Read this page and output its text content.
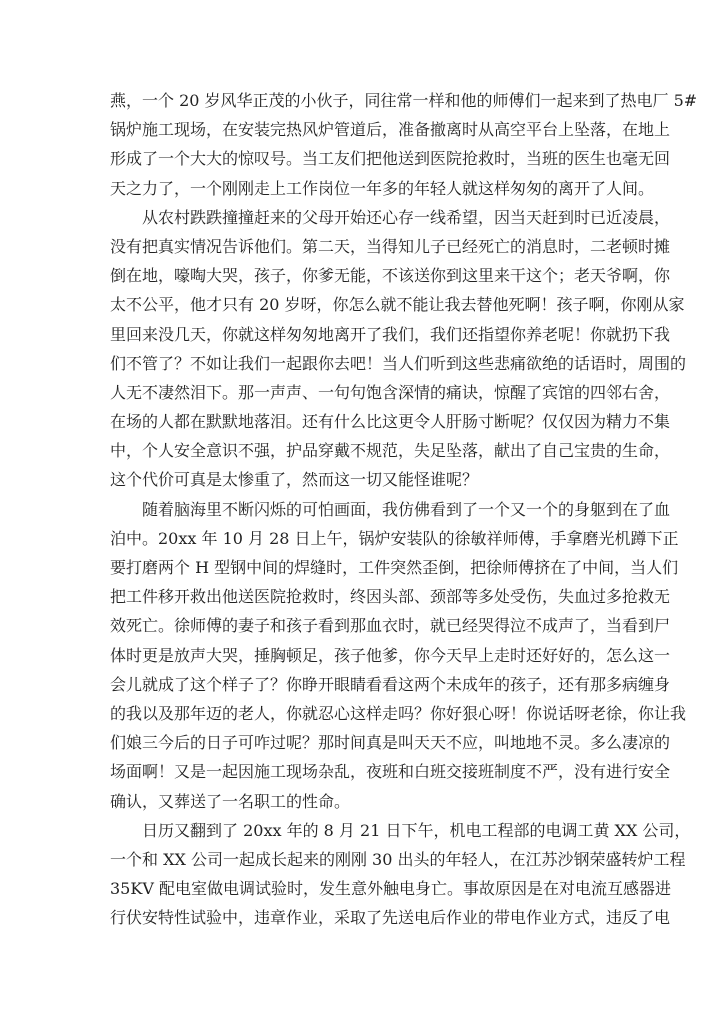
燕，一个 20 岁风华正茂的小伙子，同往常一样和他的师傅们一起来到了热电厂 5#
锅炉施工现场，在安装完热风炉管道后，准备撤离时从高空平台上坠落，在地上
形成了一个大大的惊叹号。当工友们把他送到医院抢救时，当班的医生也毫无回
天之力了，一个刚刚走上工作岗位一年多的年轻人就这样匆匆的离开了人间。
从农村跌跌撞撞赶来的父母开始还心存一线希望，因当天赶到时已近凌晨，
没有把真实情况告诉他们。第二天，当得知儿子已经死亡的消息时，二老顿时摊
倒在地，嚎啕大哭，孩子，你爹无能，不该送你到这里来干这个；老天爷啊，你
太不公平，他才只有 20 岁呀，你怎么就不能让我去替他死啊！孩子啊，你刚从家
里回来没几天，你就这样匆匆地离开了我们，我们还指望你养老呢！你就扔下我
们不管了？不如让我们一起跟你去吧！当人们听到这些悲痛欲绝的话语时，周围的
人无不凄然泪下。那一声声、一句句饱含深情的痛诀，惊醒了宾馆的四邻右舍，
在场的人都在默默地落泪。还有什么比这更令人肝肠寸断呢？仅仅因为精力不集
中，个人安全意识不强，护品穿戴不规范，失足坠落，献出了自己宝贵的生命，
这个代价可真是太惨重了，然而这一切又能怪谁呢？
随着脑海里不断闪烁的可怕画面，我仿佛看到了一个又一个的身躯到在了血
泊中。20xx 年 10 月 28 日上午，锅炉安装队的徐敏祥师傅，手拿磨光机蹲下正
要打磨两个 H 型钢中间的焊缝时，工件突然歪倒，把徐师傅挤在了中间，当人们
把工件移开救出他送医院抢救时，终因头部、颈部等多处受伤，失血过多抢救无
效死亡。徐师傅的妻子和孩子看到那血衣时，就已经哭得泣不成声了，当看到尸
体时更是放声大哭，捶胸顿足，孩子他爹，你今天早上走时还好好的，怎么这一
会儿就成了这个样子了？你睁开眼睛看看这两个未成年的孩子，还有那多病缠身
的我以及那年迈的老人，你就忍心这样走吗？你好狠心呀！你说话呀老徐，你让我
们娘三今后的日子可咋过呢？那时间真是叫天天不应，叫地地不灵。多么凄凉的
场面啊！又是一起因施工现场杂乱，夜班和白班交接班制度不严，没有进行安全
确认，又葬送了一名职工的性命。
日历又翻到了 20xx 年的 8 月 21 日下午，机电工程部的电调工黄 XX 公司，
一个和 XX 公司一起成长起来的刚刚 30 出头的年轻人，在江苏沙钢荣盛转炉工程
35KV 配电室做电调试验时，发生意外触电身亡。事故原因是在对电流互感器进
行伏安特性试验中，违章作业，采取了先送电后作业的带电作业方式，违反了电
